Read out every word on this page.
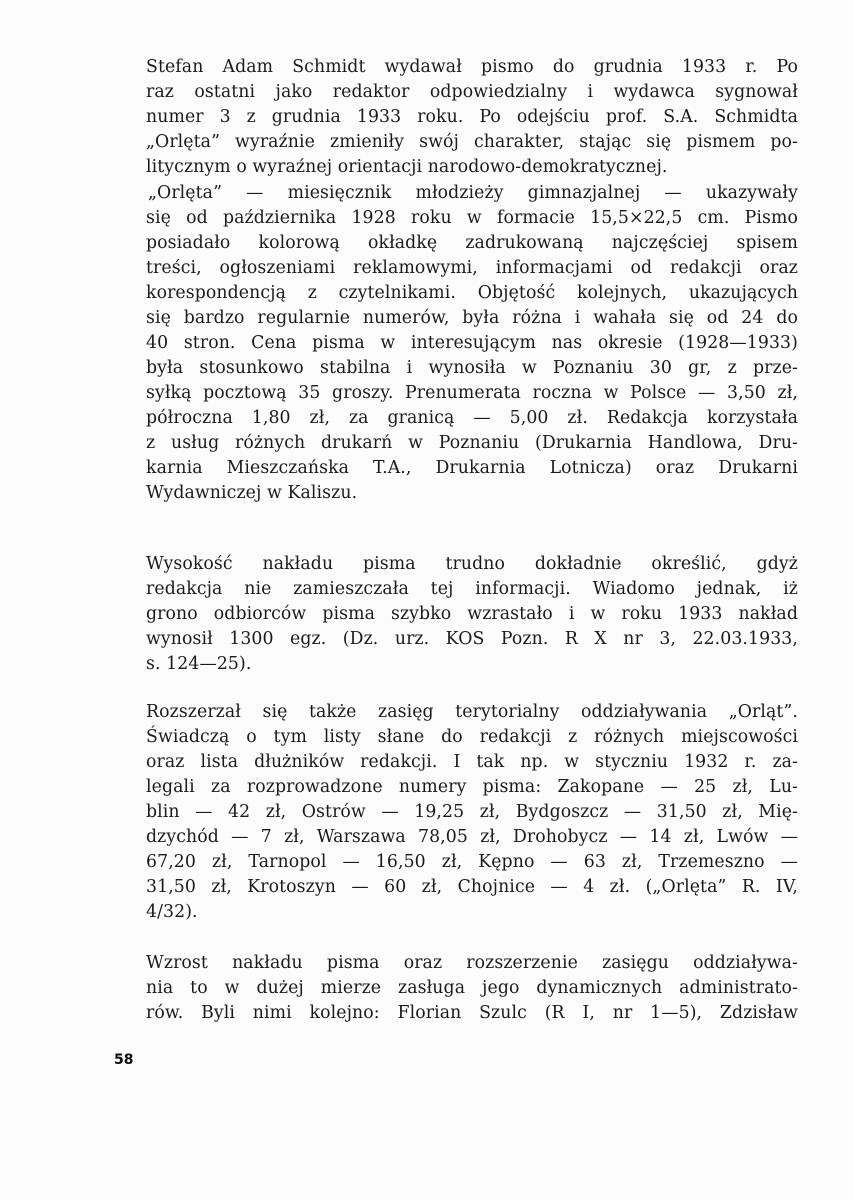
Stefan Adam Schmidt wydawał pismo do grudnia 1933 r. Po
raz ostatni jako redaktor odpowiedzialny i wydawca sygnował
numer 3 z grudnia 1933 roku. Po odejściu prof. S.A. Schmidta
„Orlęta” wyraźnie zmieniły swój charakter, stając się pismem po-
litycznym o wyraźnej orientacji narodowo-demokratycznej.
„Orlęta” — miesięcznik młodzieży gimnazjalnej — ukazywały
się od października 1928 roku w formacie 15,5×22,5 cm. Pismo
posiadało kolorową okładkę zadrukowaną najczęściej spisem
treści, ogłoszeniami reklamowymi, informacjami od redakcji oraz
korespondencją z czytelnikami. Objętość kolejnych, ukazujących
się bardzo regularnie numerów, była różna i wahała się od 24 do
40 stron. Cena pisma w interesującym nas okresie (1928—1933)
była stosunkowo stabilna i wynosiła w Poznaniu 30 gr, z prze-
syłką pocztową 35 groszy. Prenumerata roczna w Polsce — 3,50 zł,
półroczna 1,80 zł, za granicą — 5,00 zł. Redakcja korzystała
z usług różnych drukarń w Poznaniu (Drukarnia Handlowa, Dru-
karnia Mieszczańska T.A., Drukarnia Lotnicza) oraz Drukarni
Wydawniczej w Kaliszu.
Wysokość nakładu pisma trudno dokładnie określić, gdyż
redakcja nie zamieszczała tej informacji. Wiadomo jednak, iż
grono odbiorców pisma szybko wzrastało i w roku 1933 nakład
wynosił 1300 egz. (Dz. urz. KOS Pozn. R X nr 3, 22.03.1933,
s. 124—25).
Rozszerzał się także zasięg terytorialny oddziaływania „Orląt”.
Świadczą o tym listy słane do redakcji z różnych miejscowości
oraz lista dłużników redakcji. I tak np. w styczniu 1932 r. za-
legali za rozprowadzone numery pisma: Zakopane — 25 zł, Lu-
blin — 42 zł, Ostrów — 19,25 zł, Bydgoszcz — 31,50 zł, Mię-
dzychód — 7 zł, Warszawa 78,05 zł, Drohobycz — 14 zł, Lwów —
67,20 zł, Tarnopol — 16,50 zł, Kępno — 63 zł, Trzemeszno —
31,50 zł, Krotoszyn — 60 zł, Chojnice — 4 zł. („Orlęta” R. IV,
4/32).
Wzrost nakładu pisma oraz rozszerzenie zasięgu oddziaływa-
nia to w dużej mierze zasługa jego dynamicznych administrato-
rów. Byli nimi kolejno: Florian Szulc (R I, nr 1—5), Zdzisław
58
